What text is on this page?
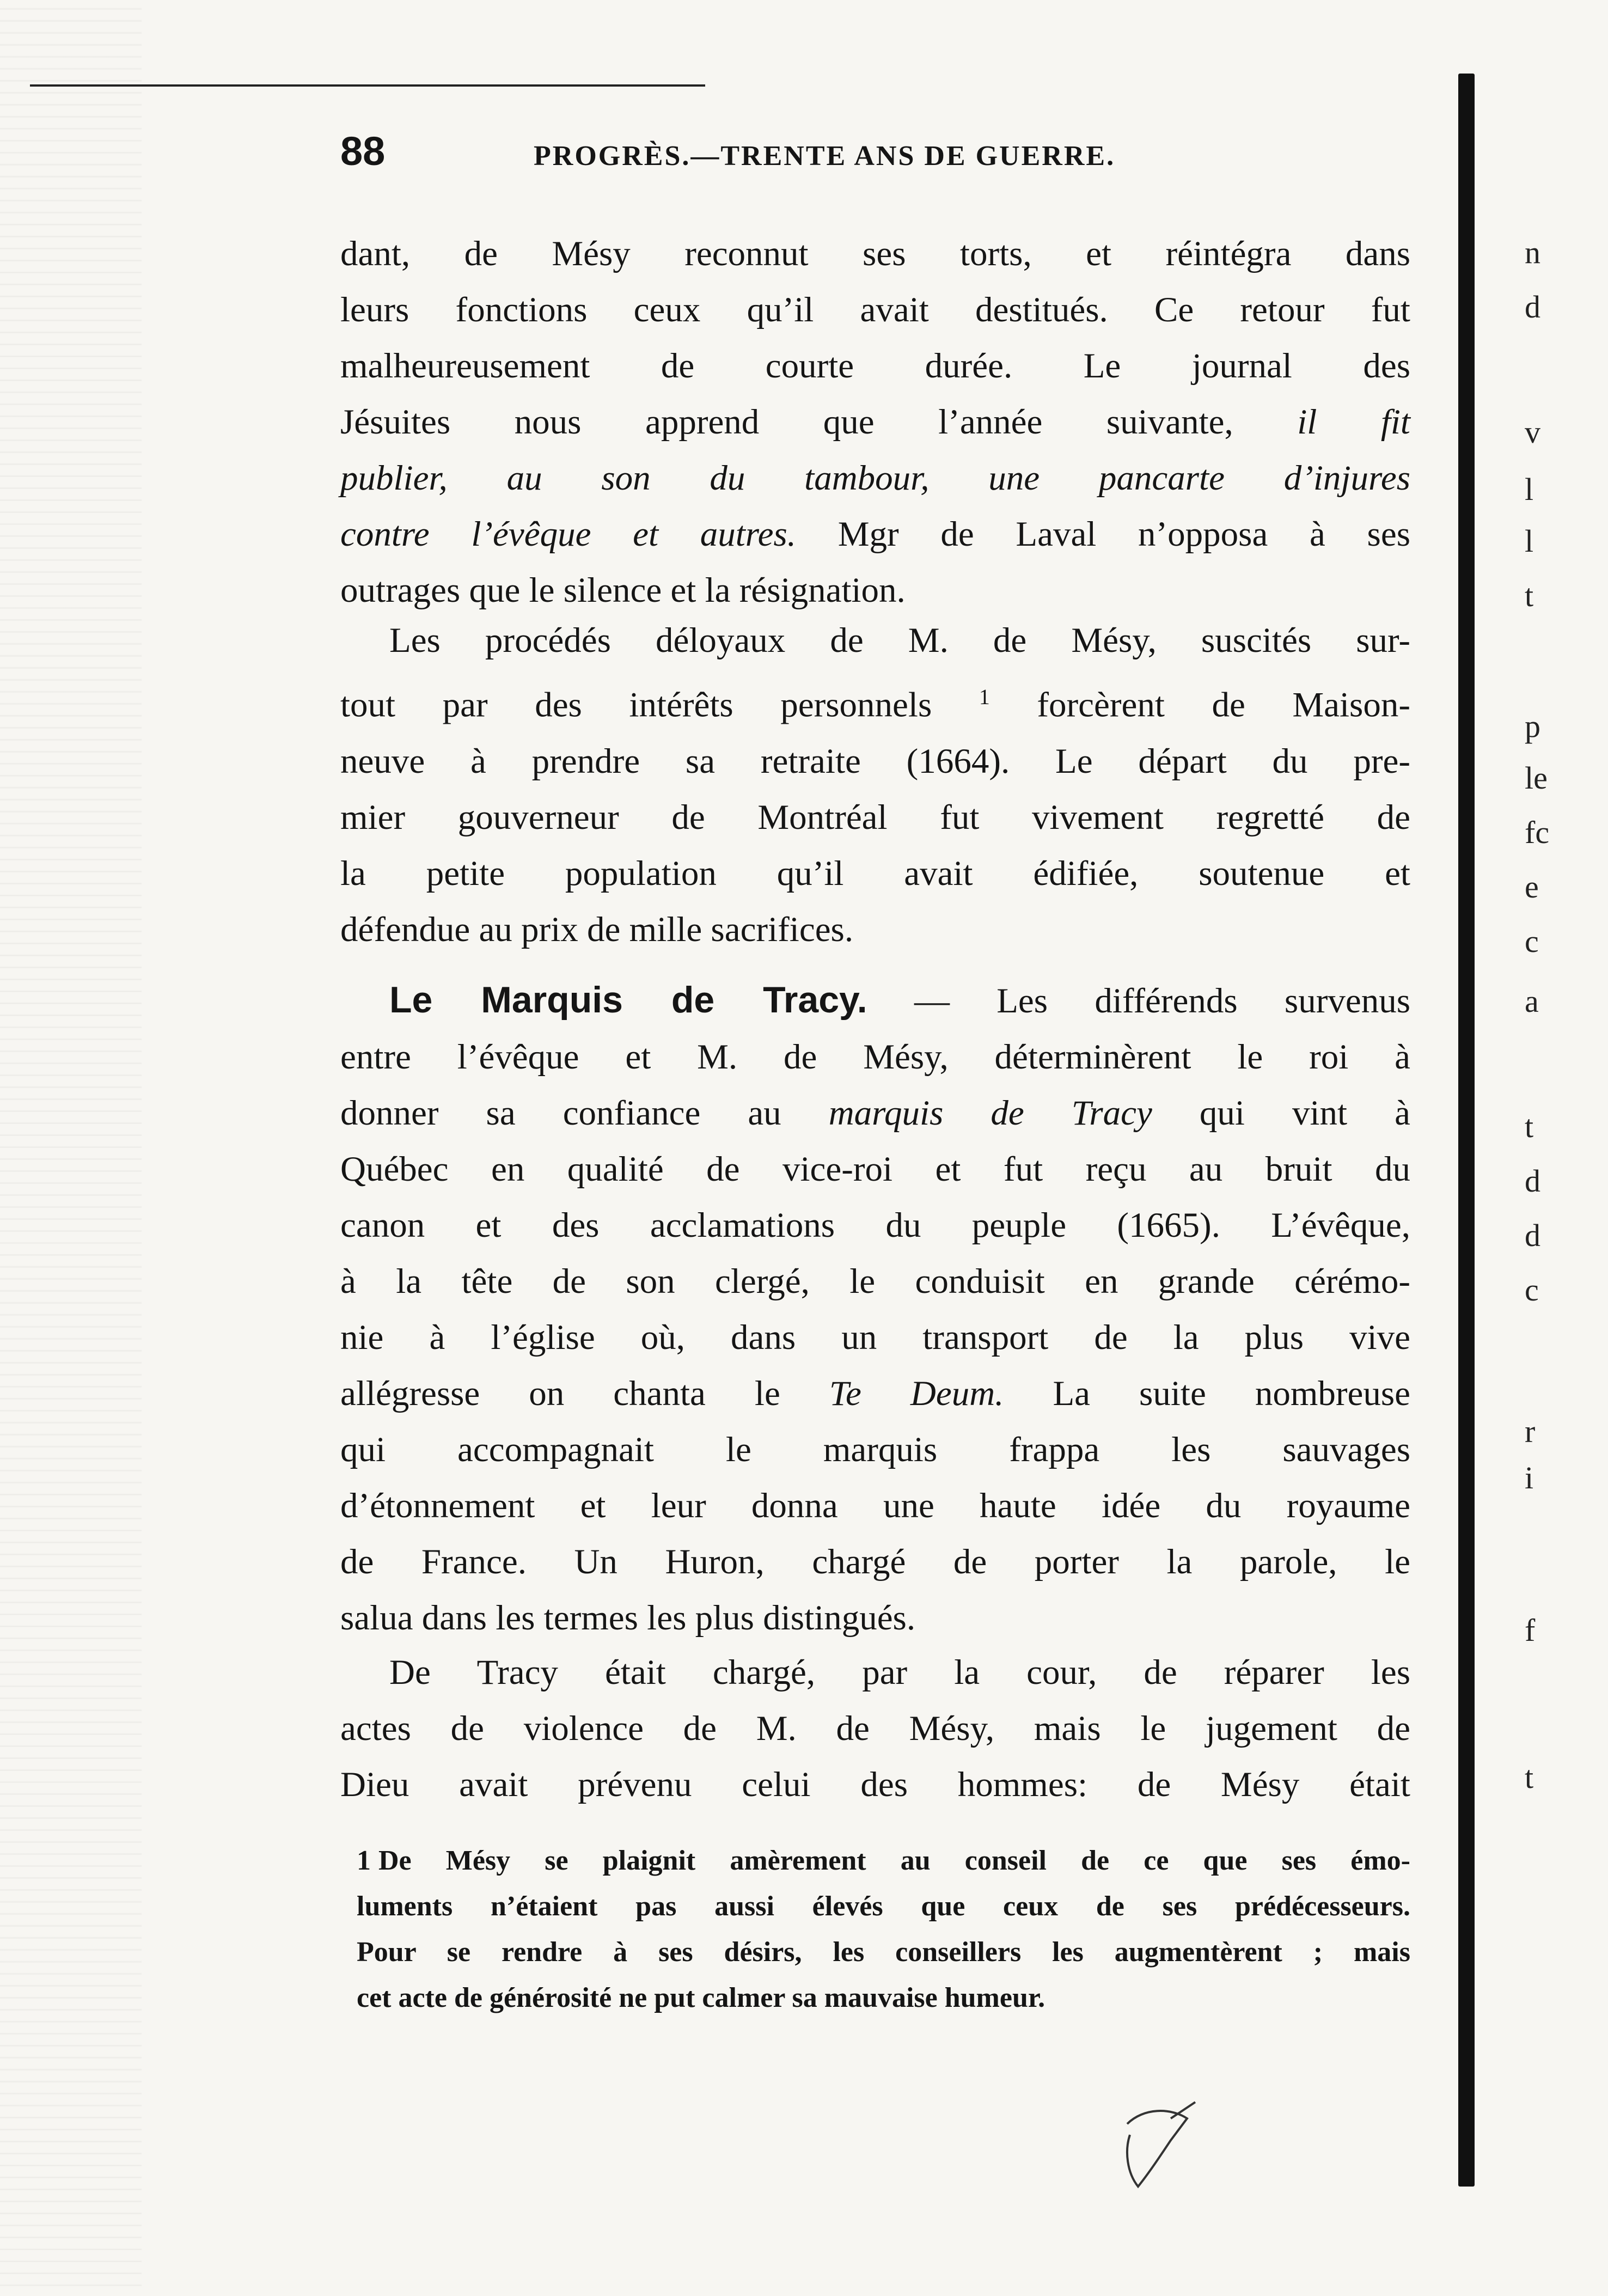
88	PROGRÈS.—TRENTE ANS DE GUERRE.
dant, de Mésy reconnut ses torts, et réintégra dans
leurs fonctions ceux qu’il avait destitués. Ce retour fut
malheureusement de courte durée. Le journal des
Jésuites nous apprend que l’année suivante, il fit
publier, au son du tambour, une pancarte d’injures
contre l’évêque et autres. Mgr de Laval n’opposa à ses
outrages que le silence et la résignation.
Les procédés déloyaux de M. de Mésy, suscités sur-
tout par des intérêts personnels $^1$ forcèrent de Maison-
neuve à prendre sa retraite (1664). Le départ du pre-
mier gouverneur de Montréal fut vivement regretté de
la petite population qu’il avait édifiée, soutenue et
défendue au prix de mille sacrifices.
Le Marquis de Tracy. — Les différends survenus
entre l’évêque et M. de Mésy, déterminèrent le roi à
donner sa confiance au marquis de Tracy qui vint à
Québec en qualité de vice-roi et fut reçu au bruit du
canon et des acclamations du peuple (1665). L’évêque,
à la tête de son clergé, le conduisit en grande cérémo-
nie à l’église où, dans un transport de la plus vive
allégresse on chanta le Te Deum. La suite nombreuse
qui accompagnait le marquis frappa les sauvages
d’étonnement et leur donna une haute idée du royaume
de France. Un Huron, chargé de porter la parole, le
salua dans les termes les plus distingués.
De Tracy était chargé, par la cour, de réparer les
actes de violence de M. de Mésy, mais le jugement de
Dieu avait prévenu celui des hommes: de Mésy était
1 De Mésy se plaignit amèrement au conseil de ce que ses émo-
luments n’étaient pas aussi élevés que ceux de ses prédécesseurs.
Pour se rendre à ses désirs, les conseillers les augmentèrent ; mais
cet acte de générosité ne put calmer sa mauvaise humeur.
n
d
v
l
l
t
p
le
fc
e
c
a
t
d
d
c
r
i
f
t
